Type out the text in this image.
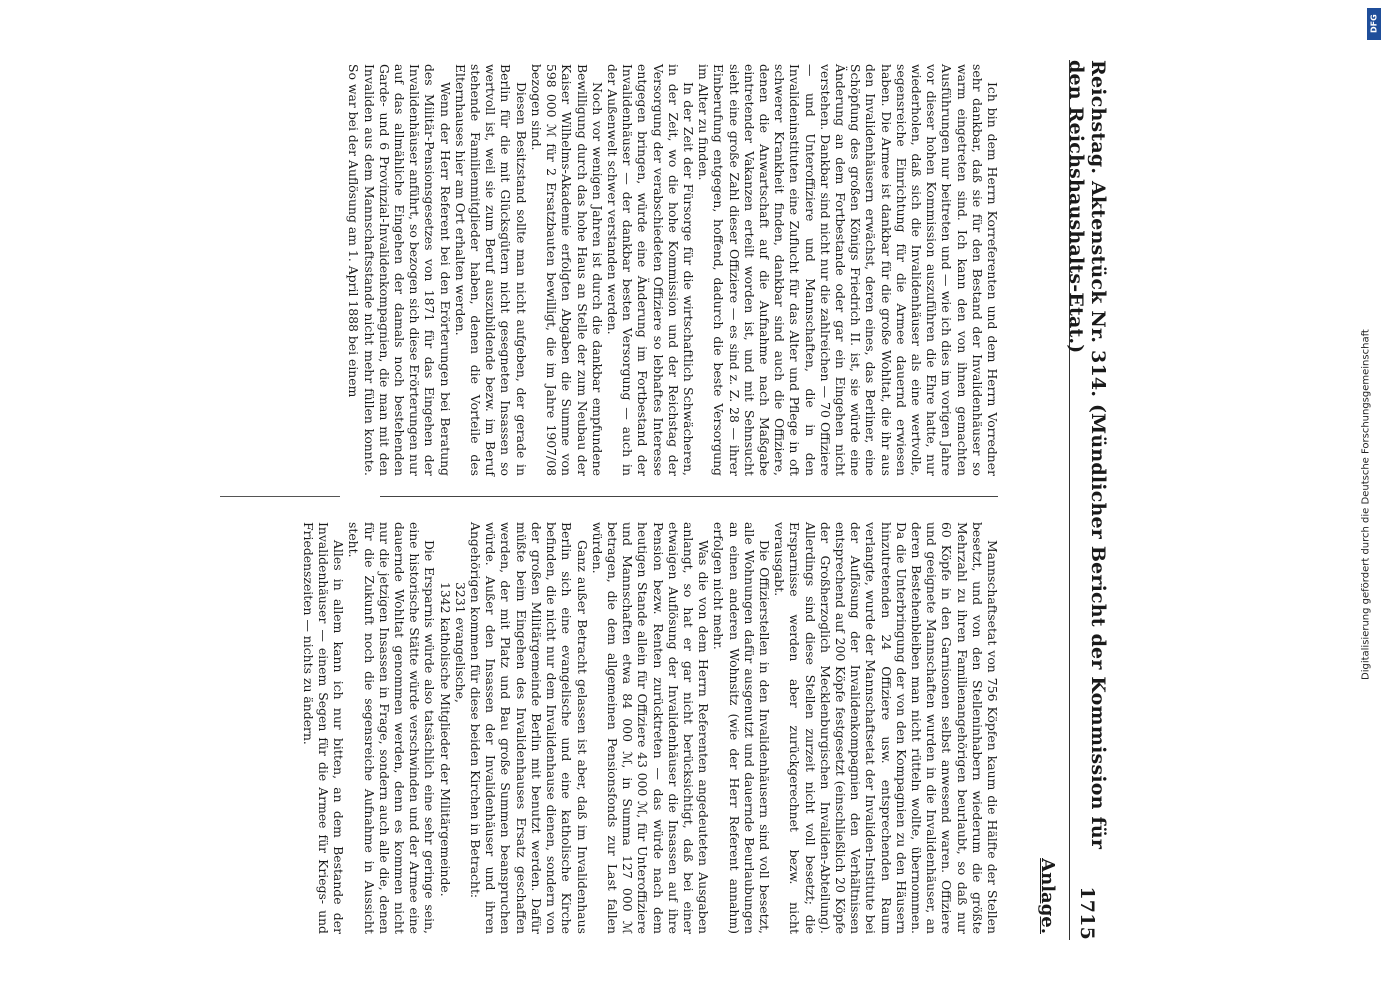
Reichstag. Aktenstück Nr. 314. (Mündlicher Bericht der Kommission für den Reichshaushalts-Etat.)
1715
Anlage.

Ich bin dem Herrn Korreferenten und dem Herrn Vorredner sehr dankbar, daß sie für den Bestand der Invalidenhäuser so warm eingetreten sind. Ich kann den von ihnen gemachten Ausführungen nur beitreten und — wie ich dies im vorigen Jahre vor dieser hohen Kommission auszuführen die Ehre hatte, nur wiederholen, daß sich die Invalidenhäuser als eine wertvolle, segensreiche Einrichtung für die Armee dauernd erwiesen haben. Die Armee ist dankbar für die große Wohltat, die ihr aus den Invalidenhäusern erwächst, deren eines, das Berliner, eine Schöpfung des großen Königs Friedrich II. ist, sie würde eine Änderung an dem Fortbestande oder gar ein Eingehen nicht verstehen. Dankbar sind nicht nur die zahlreichen — 70 Offiziere — und Unteroffiziere und Mannschaften, die in den Invalideninstituten eine Zuflucht für das Alter und Pflege in oft schwerer Krankheit finden, dankbar sind auch die Offiziere, denen die Anwartschaft auf die Aufnahme nach Maßgabe eintretender Vakanzen erteilt worden ist, und mit Sehnsucht sieht eine große Zahl dieser Offiziere — es sind z. Z. 28 — ihrer Einberufung entgegen, hoffend, dadurch die beste Versorgung im Alter zu finden.

In der Zeit der Fürsorge für die wirtschaftlich Schwächeren, in der Zeit, wo die hohe Kommission und der Reichstag der Versorgung der verabschiedeten Offiziere so lebhaftes Interesse entgegen bringen, würde eine Änderung im Fortbestand der Invalidenhäuser — der dankbar besten Versorgung — auch in der Außenwelt schwer verstanden werden.

Noch vor wenigen Jahren ist durch die dankbar empfundene Bewilligung durch das hohe Haus an Stelle der zum Neubau der Kaiser Wilhelms-Akademie erfolgten Abgaben die Summe von 598 000 ℳ für 2 Ersatzbauten bewilligt, die im Jahre 1907/08 bezogen sind.

Diesen Besitzstand sollte man nicht aufgeben, der gerade in Berlin für die mit Glücksgütern nicht gesegneten Insassen so wertvoll ist, weil sie zum Beruf auszubildende bezw. im Beruf stehende Familienmitglieder haben, denen die Vorteile des Elternhauses hier am Ort erhalten werden.

Wenn der Herr Referent bei den Erörterungen bei Beratung des Militär-Pensionsgesetzes von 1871 für das Eingehen der Invalidenhäuser anführt, so bezogen sich diese Erörterungen nur auf das allmähliche Eingehen der damals noch bestehenden Garde- und 6 Provinzial-Invalidenkompagnien, die man mit den Invaliden aus dem Mannschaftsstande nicht mehr füllen konnte. So war bei der Auflösung am 1. April 1888 bei einem

Mannschaftsetat von 756 Köpfen kaum die Hälfte der Stellen besetzt, und von den Stelleninhabern wiederum die größte Mehrzahl zu ihren Familienangehörigen beurlaubt, so daß nur 60 Köpfe in den Garnisonen selbst anwesend waren. Offiziere und geeignete Mannschaften wurden in die Invalidenhäuser, an deren Bestehenbleiben man nicht rütteln wollte, übernommen. Da die Unterbringung der von den Kompagnien zu den Häusern hinzutretenden 24 Offiziere usw. entsprechenden Raum verlangte, wurde der Mannschaftsetat der Invaliden-Institute bei der Auflösung der Invalidenkompagnien den Verhältnissen entsprechend auf 200 Köpfe festgesetzt (einschließlich 20 Köpfe der Großherzoglich Mecklenburgischen Invaliden-Abteilung). Allerdings sind diese Stellen zurzeit nicht voll besetzt; die Ersparnisse werden aber zurückgerechnet bezw. nicht verausgabt.

Die Offizierstellen in den Invalidenhäusern sind voll besetzt, alle Wohnungen dafür ausgenutzt und dauernde Beurlaubungen an einen anderen Wohnsitz (wie der Herr Referent annahm) erfolgen nicht mehr.

Was die von dem Herrn Referenten angedeuteten Ausgaben anlangt, so hat er gar nicht berücksichtigt, daß bei einer etwaigen Auflösung der Invalidenhäuser die Insassen auf ihre Pension bezw. Renten zurücktreten — das würde nach dem heutigen Stande allein für Offiziere 43 000 ℳ, für Unteroffiziere und Mannschaften etwa 84 000 ℳ, in Summa 127 000 ℳ betragen, die dem allgemeinen Pensionsfonds zur Last fallen würden.

Ganz außer Betracht gelassen ist aber, daß im Invalidenhaus Berlin sich eine evangelische und eine katholische Kirche befinden, die nicht nur dem Invalidenhause dienen, sondern von der großen Militärgemeinde Berlin mit benutzt werden. Dafür müßte beim Eingehen des Invalidenhauses Ersatz geschaffen werden, der mit Platz und Bau große Summen beanspruchen würde. Außer den Insassen der Invalidenhäuser und ihren Angehörigen kommen für diese beiden Kirchen in Betracht:

3231 evangelische,

1342 katholische Mitglieder der Militärgemeinde.

Die Ersparnis würde also tatsächlich eine sehr geringe sein, eine historische Stätte würde verschwinden und der Armee eine dauernde Wohltat genommen werden, denn es kommen nicht nur die jetzigen Insassen in Frage, sondern auch alle die, denen für die Zukunft noch die segensreiche Aufnahme in Aussicht steht.

Alles in allem kann ich nur bitten, an dem Bestande der Invalidenhäuser — einem Segen für die Armee für Kriegs- und Friedenszeiten — nichts zu ändern.

DFG
Digitalisierung gefördert durch die Deutsche Forschungsgemeinschaft
